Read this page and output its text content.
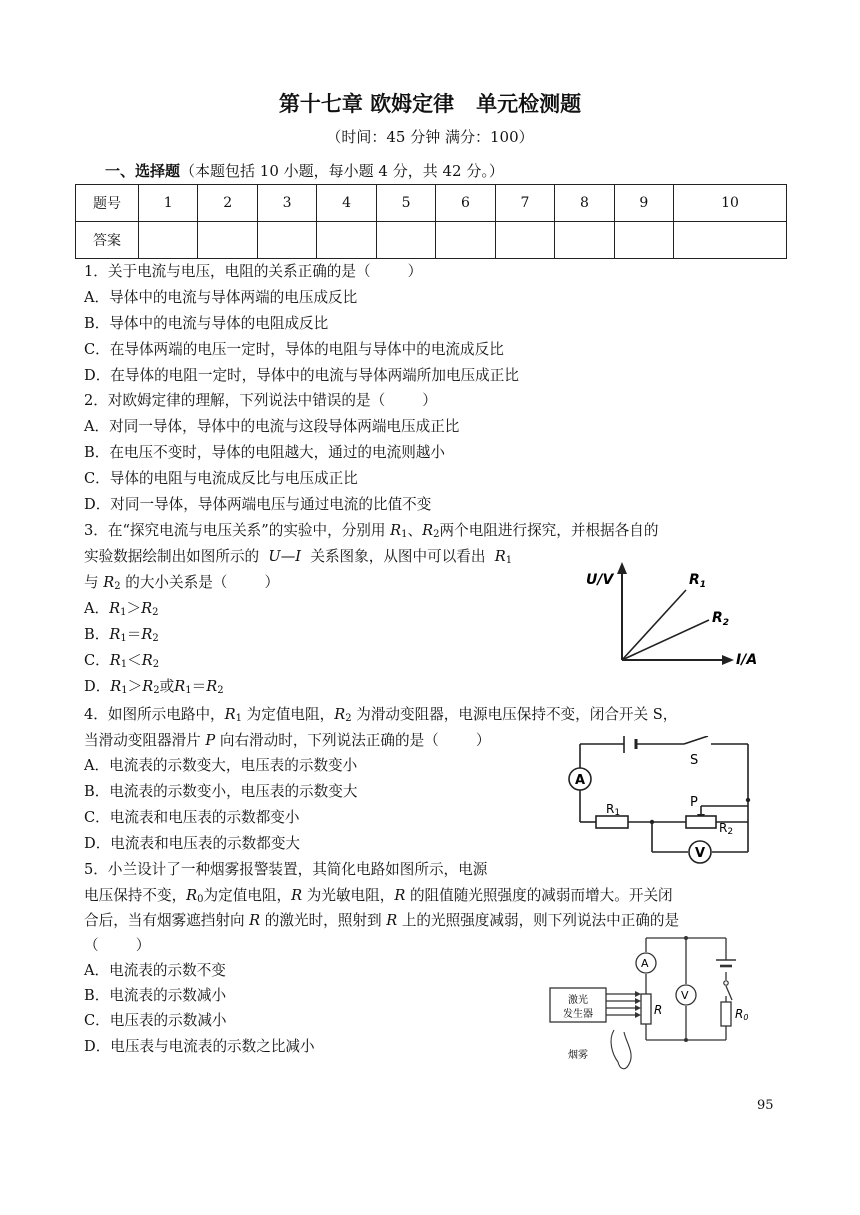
第十七章 欧姆定律   单元检测题
（时间：45 分钟 满分：100）
一、选择题（本题包括 10 小题，每小题 4 分，共 42 分。）
题号	1	2	3	4	5	6	7	8	9	10
答案										
1．关于电流与电压，电阻的关系正确的是（        ）
A．导体中的电流与导体两端的电压成反比
B．导体中的电流与导体的电阻成反比
C．在导体两端的电压一定时，导体的电阻与导体中的电流成反比
D．在导体的电阻一定时，导体中的电流与导体两端所加电压成正比
2．对欧姆定律的理解，下列说法中错误的是（        ）
A．对同一导体，导体中的电流与这段导体两端电压成正比
B．在电压不变时，导体的电阻越大，通过的电流则越小
C．导体的电阻与电流成反比与电压成正比
D．对同一导体，导体两端电压与通过电流的比值不变
3．在“探究电流与电压关系”的实验中，分别用 $R_1$、$R_2$两个电阻进行探究，并根据各自的
实验数据绘制出如图所示的  U—I  关系图象，从图中可以看出  $R_1$
与 $R_2$ 的大小关系是（        ）
A．$R_1>R_2$
B．$R_1=R_2$
C．$R_1<R_2$
D．$R_1>R_2$或$R_1=R_2$
U/V
I/A
$R_1$
$R_2$
4．如图所示电路中，$R_1$ 为定值电阻，$R_2$ 为滑动变阻器，电源电压保持不变，闭合开关 S，
当滑动变阻器滑片 P 向右滑动时，下列说法正确的是（        ）
A．电流表的示数变大，电压表的示数变小
B．电流表的示数变小，电压表的示数变大
C．电流表和电压表的示数都变小
D．电流表和电压表的示数都变大
A
V
S
P
R1
R2
5．小兰设计了一种烟雾报警装置，其简化电路如图所示，电源
电压保持不变，$R_0$为定值电阻，R 为光敏电阻，R 的阻值随光照强度的减弱而增大。开关闭
合后，当有烟雾遮挡射向 R 的激光时，照射到 R 上的光照强度减弱，则下列说法中正确的是
（        ）
A．电流表的示数不变
B．电流表的示数减小
C．电压表的示数减小
D．电压表与电流表的示数之比减小
A
V
R	R0
激光
发生器
烟雾
95
